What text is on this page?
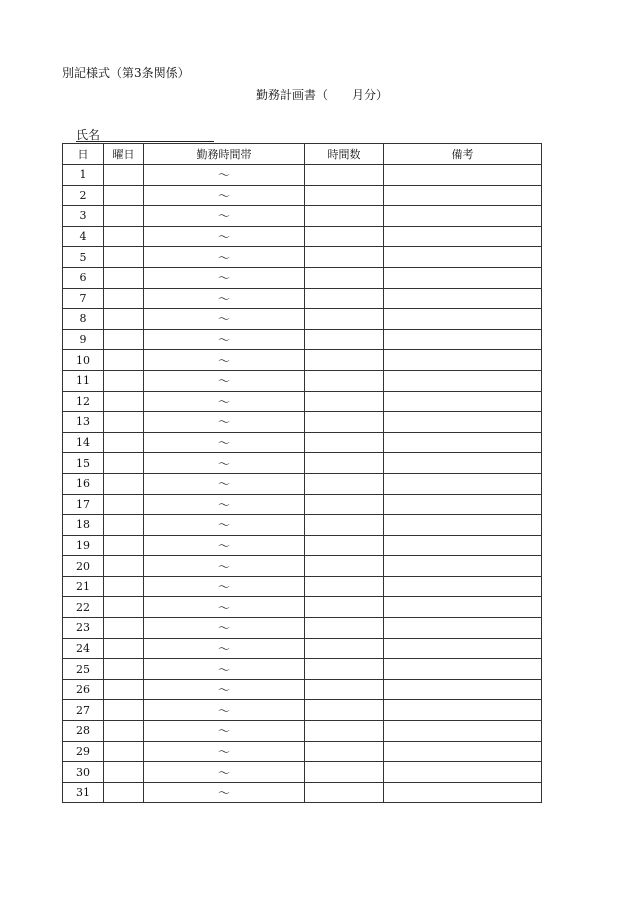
別記様式（第3条関係）
勤務計画書（　　月分）
氏名
日	曜日	勤務時間帯	時間数	備考
1		～		
2		～		
3		～		
4		～		
5		～		
6		～		
7		～		
8		～		
9		～		
10		～		
11		～		
12		～		
13		～		
14		～		
15		～		
16		～		
17		～		
18		～		
19		～		
20		～		
21		～		
22		～		
23		～		
24		～		
25		～		
26		～		
27		～		
28		～		
29		～		
30		～		
31		～		
